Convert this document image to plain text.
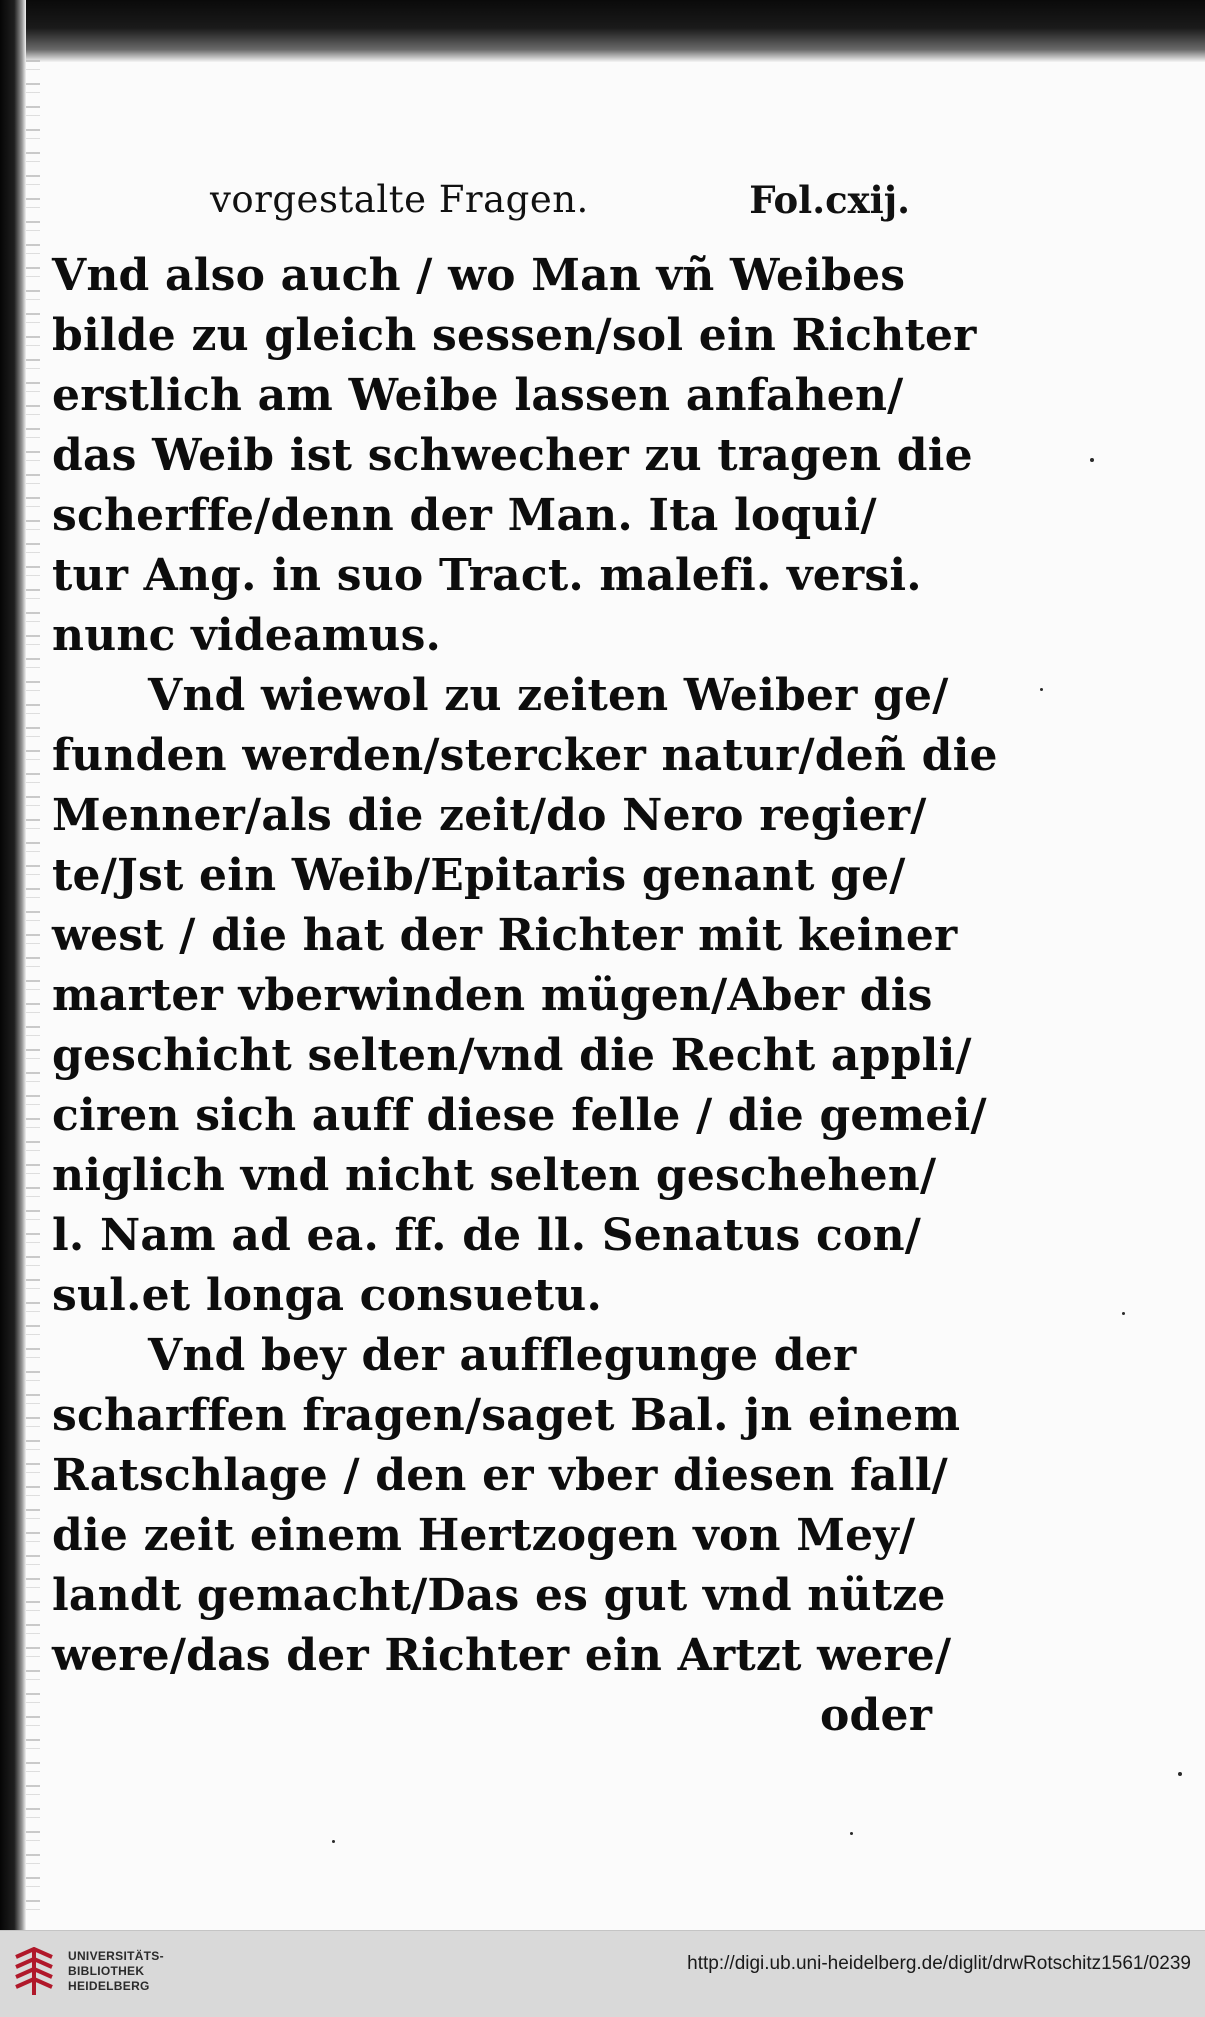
vorgestalte Fragen.	Fol.cxij.
Vnd also auch / wo Man vñ Weibes
bilde zu gleich sessen/sol ein Richter
erstlich am Weibe lassen anfahen/
das Weib ist schwecher zu tragen die
scherffe/denn der Man. Ita loqui/
tur Ang. in suo Tract. malefi. versi.
nunc videamus.
Vnd wiewol zu zeiten Weiber ge/
funden werden/stercker natur/deñ die
Menner/als die zeit/do Nero regier/
te/Jst ein Weib/Epitaris genant ge/
west / die hat der Richter mit keiner
marter vberwinden mügen/Aber dis
geschicht selten/vnd die Recht appli/
ciren sich auff diese felle / die gemei/
niglich vnd nicht selten geschehen/
l. Nam ad ea. ff. de ll. Senatus con/
sul.et longa consuetu.
Vnd bey der aufflegunge der
scharffen fragen/saget Bal. jn einem
Ratschlage / den er vber diesen fall/
die zeit einem Hertzogen von Mey/
landt gemacht/Das es gut vnd nütze
were/das der Richter ein Artzt were/
oder
UNIVERSITÄTS-
BIBLIOTHEK
HEIDELBERG
http://digi.ub.uni-heidelberg.de/diglit/drwRotschitz1561/0239
